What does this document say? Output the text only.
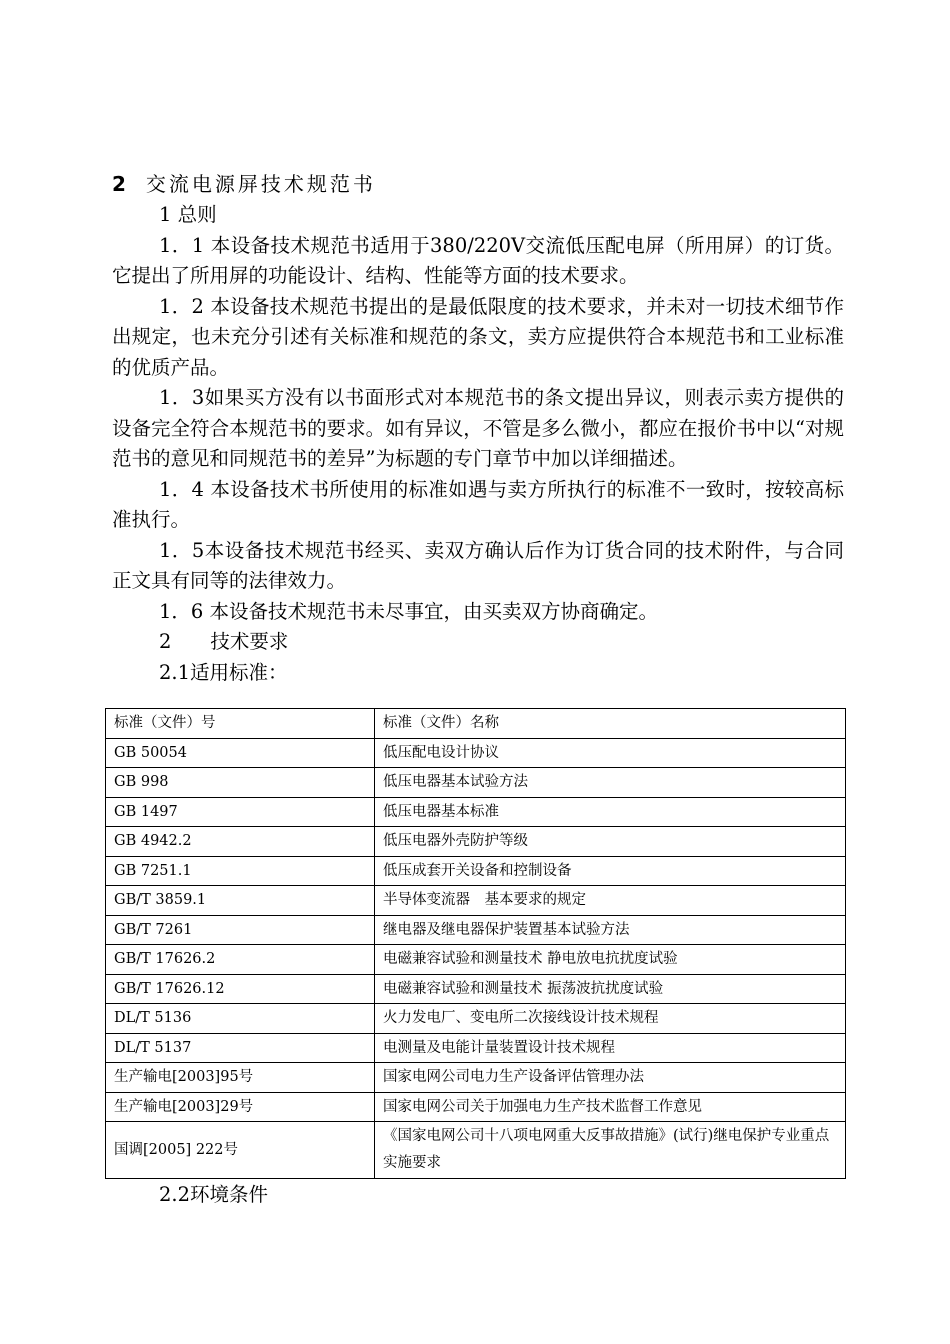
2 交流电源屏技术规范书

1 总则

1．1 本设备技术规范书适用于380/220V交流低压配电屏（所用屏）的订货。它提出了所用屏的功能设计、结构、性能等方面的技术要求。

1．2 本设备技术规范书提出的是最低限度的技术要求，并未对一切技术细节作出规定，也未充分引述有关标准和规范的条文，卖方应提供符合本规范书和工业标准的优质产品。

1．3如果买方没有以书面形式对本规范书的条文提出异议，则表示卖方提供的设备完全符合本规范书的要求。如有异议，不管是多么微小，都应在报价书中以“对规范书的意见和同规范书的差异”为标题的专门章节中加以详细描述。

1．4 本设备技术书所使用的标准如遇与卖方所执行的标准不一致时，按较高标准执行。

1．5本设备技术规范书经买、卖双方确认后作为订货合同的技术附件，与合同正文具有同等的法律效力。

1．6 本设备技术规范书未尽事宜，由买卖双方协商确定。

2　　技术要求

2.1适用标准：

标准（文件）号	标准（文件）名称
GB 50054	低压配电设计协议
GB 998	低压电器基本试验方法
GB 1497	低压电器基本标准
GB 4942.2	低压电器外壳防护等级
GB 7251.1	低压成套开关设备和控制设备
GB/T 3859.1	半导体变流器　基本要求的规定
GB/T 7261	继电器及继电器保护装置基本试验方法
GB/T 17626.2	电磁兼容试验和测量技术 静电放电抗扰度试验
GB/T 17626.12	电磁兼容试验和测量技术 振荡波抗扰度试验
DL/T 5136	火力发电厂、变电所二次接线设计技术规程
DL/T 5137	电测量及电能计量装置设计技术规程
生产输电[2003]95号	国家电网公司电力生产设备评估管理办法
生产输电[2003]29号	国家电网公司关于加强电力生产技术监督工作意见
国调[2005] 222号	《国家电网公司十八项电网重大反事故措施》(试行)继电保护专业重点实施要求
2.2环境条件
